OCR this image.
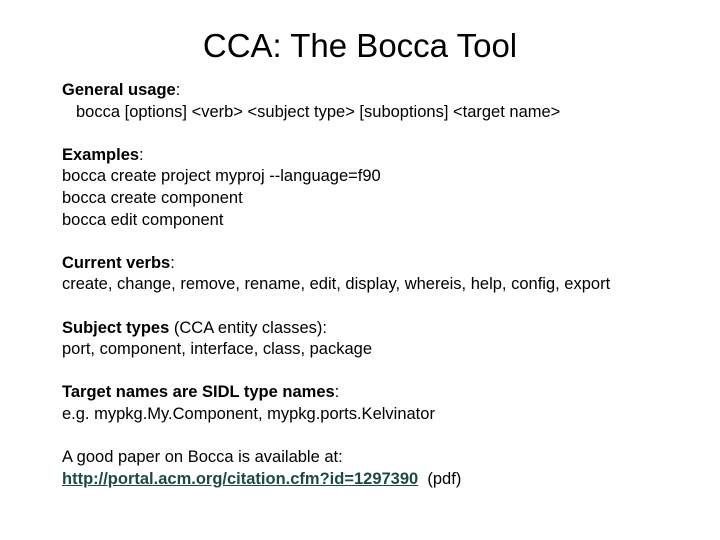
CCA: The Bocca Tool
General usage:
bocca [options] <verb> <subject type> [suboptions] <target name>
Examples:
bocca create project myproj --language=f90
bocca create component
bocca edit component
Current verbs:
create, change, remove, rename, edit, display, whereis, help, config, export
Subject types (CCA entity classes):
port, component, interface, class, package
Target names are SIDL type names:
e.g. mypkg.My.Component, mypkg.ports.Kelvinator
A good paper on Bocca is available at:
http://portal.acm.org/citation.cfm?id=1297390  (pdf)
